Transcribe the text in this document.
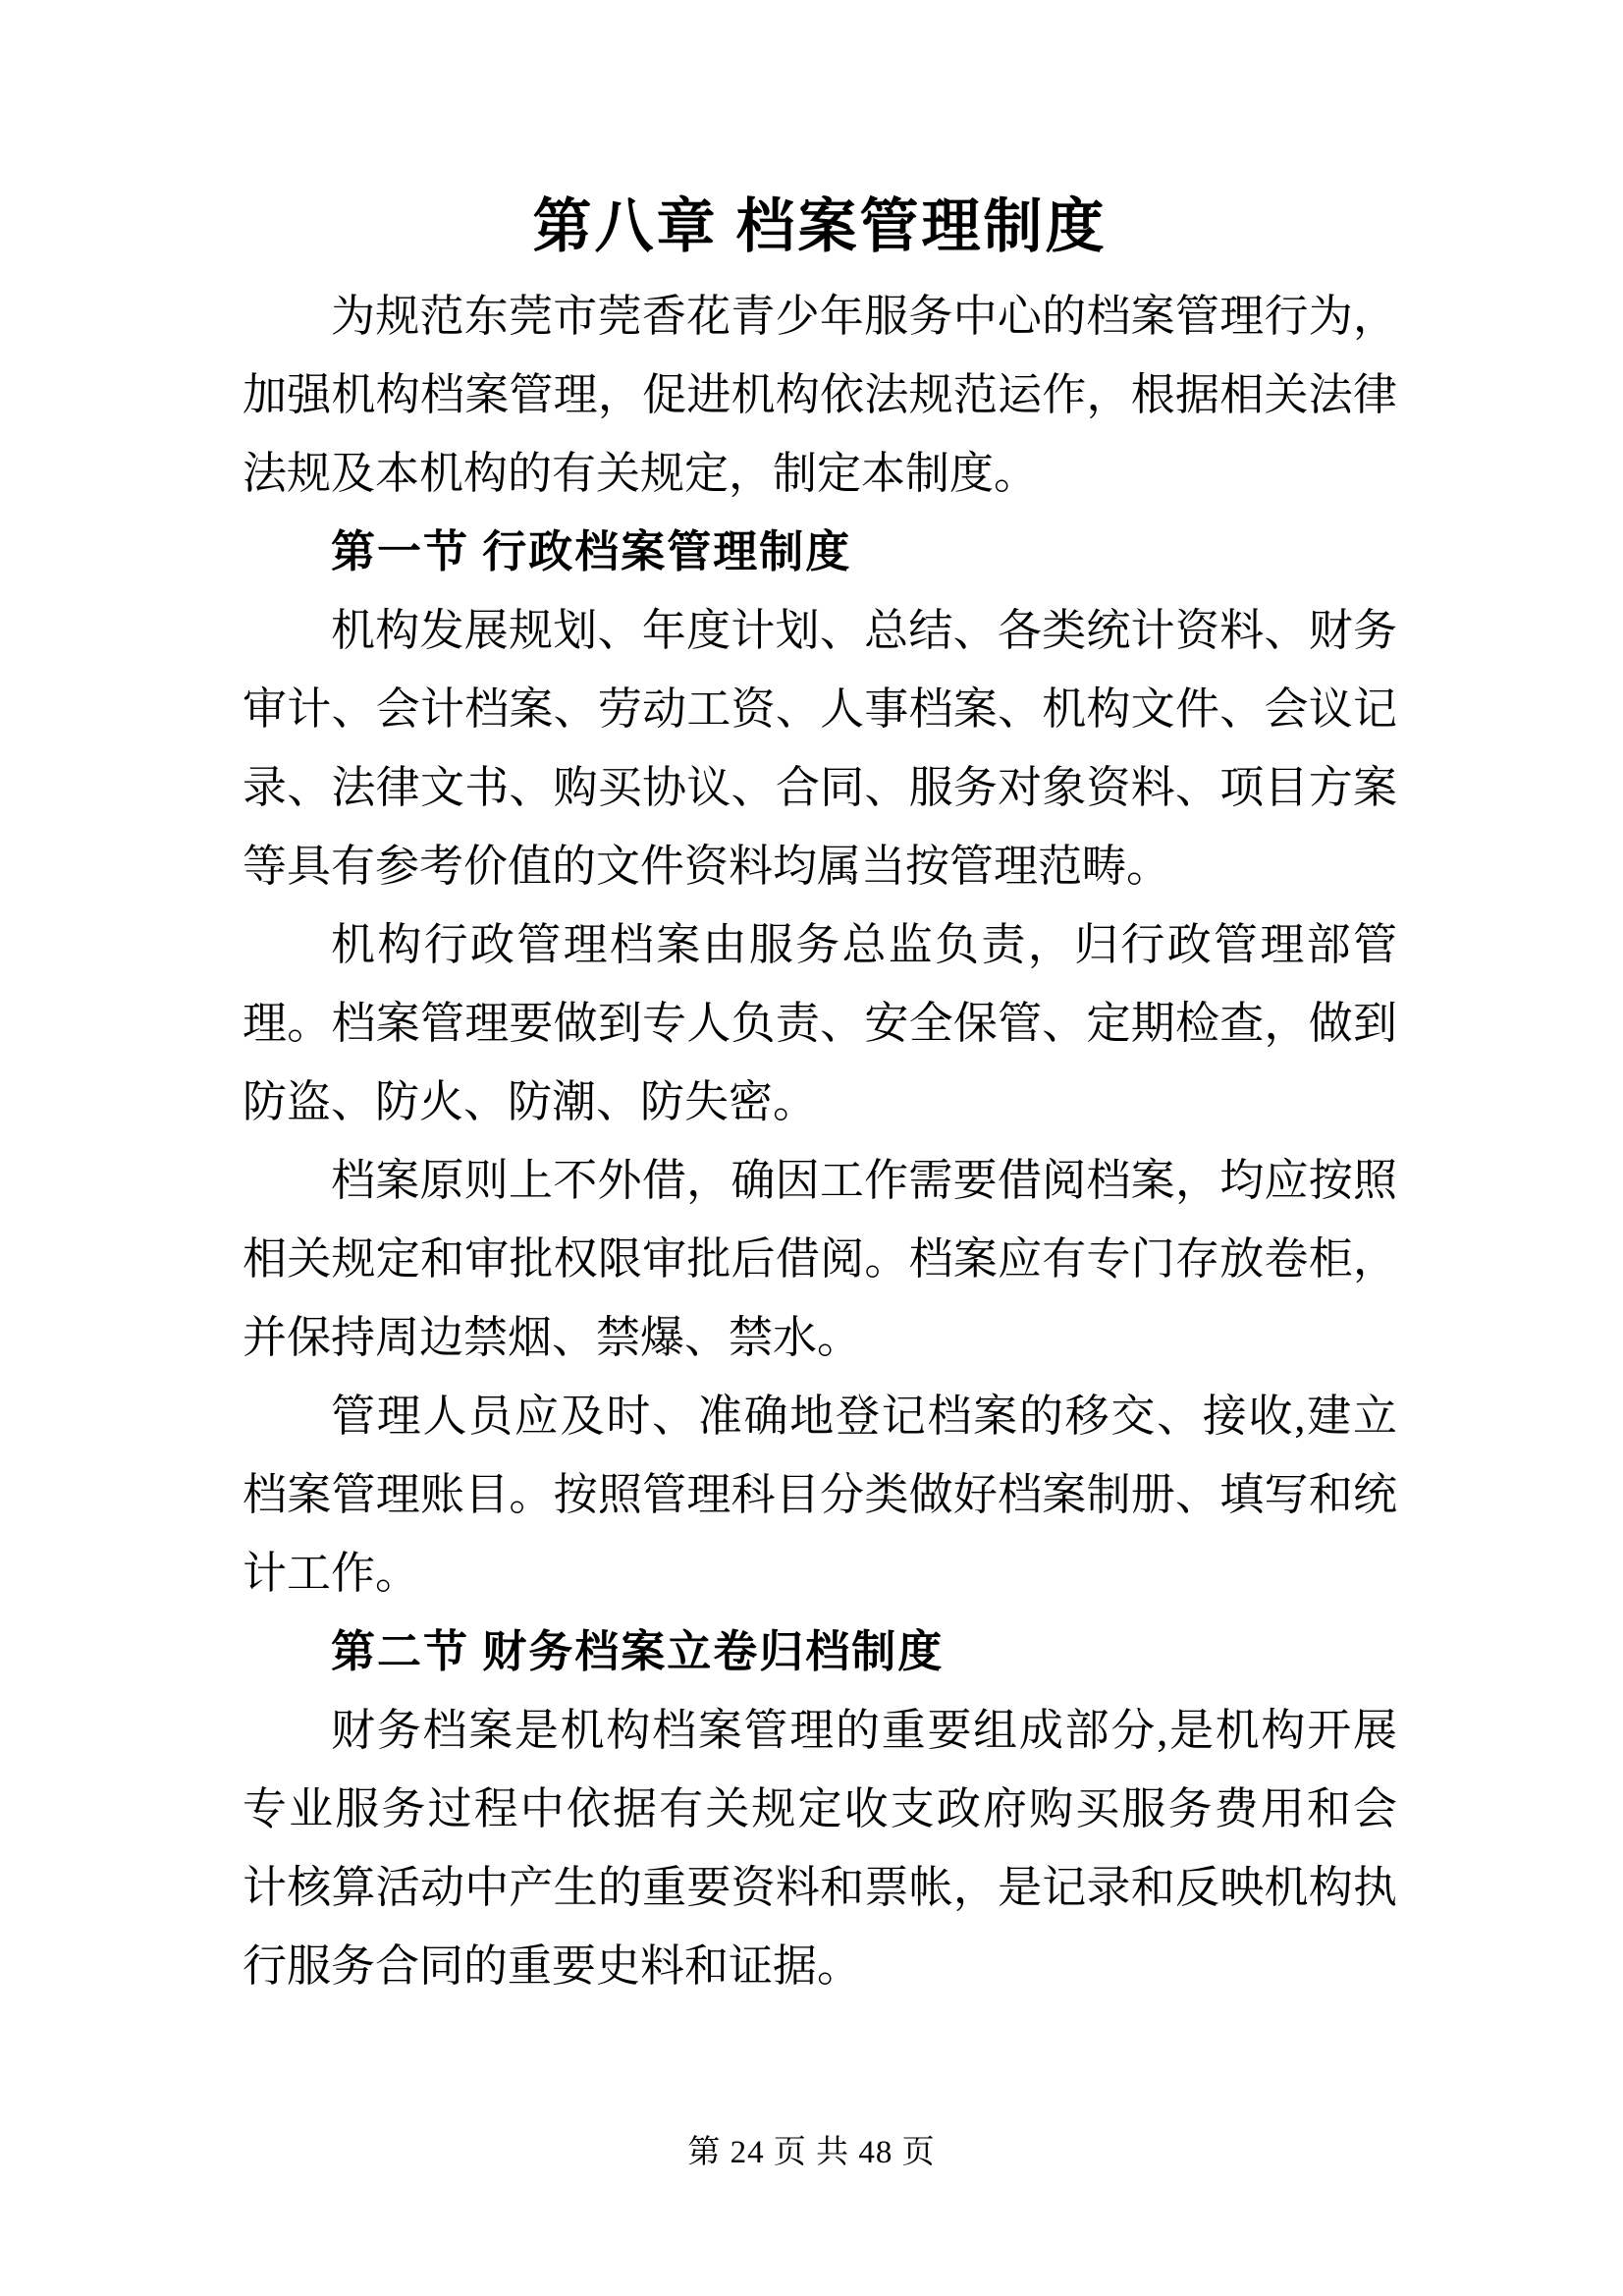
第八章 档案管理制度
为规范东莞市莞香花青少年服务中心的档案管理行为，
加强机构档案管理，促进机构依法规范运作，根据相关法律
法规及本机构的有关规定，制定本制度。
第一节 行政档案管理制度
机构发展规划、年度计划、总结、各类统计资料、财务
审计、会计档案、劳动工资、人事档案、机构文件、会议记
录、法律文书、购买协议、合同、服务对象资料、项目方案
等具有参考价值的文件资料均属当按管理范畴。
机构行政管理档案由服务总监负责，归行政管理部管
理。档案管理要做到专人负责、安全保管、定期检查，做到
防盗、防火、防潮、防失密。
档案原则上不外借，确因工作需要借阅档案，均应按照
相关规定和审批权限审批后借阅。档案应有专门存放卷柜，
并保持周边禁烟、禁爆、禁水。
管理人员应及时、准确地登记档案的移交、接收,建立
档案管理账目。按照管理科目分类做好档案制册、填写和统
计工作。
第二节 财务档案立卷归档制度
财务档案是机构档案管理的重要组成部分,是机构开展
专业服务过程中依据有关规定收支政府购买服务费用和会
计核算活动中产生的重要资料和票帐，是记录和反映机构执
行服务合同的重要史料和证据。
第 24 页 共 48 页
